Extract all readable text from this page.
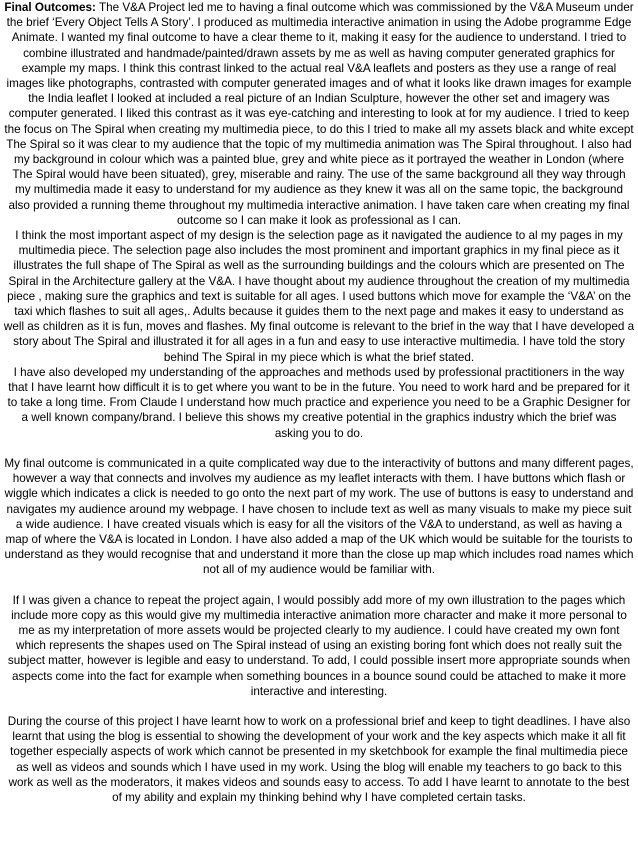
Final Outcomes: The V&A Project led me to having a final outcome which was commissioned by the V&A Museum under the brief ‘Every Object Tells A Story’. I produced as multimedia interactive animation in using the Adobe programme Edge Animate. I wanted my final outcome to have a clear theme to it, making it easy for the audience to understand. I tried to combine illustrated and handmade/painted/drawn assets by me as well as having computer generated graphics for example my maps. I think this contrast linked to the actual real V&A leaflets and posters as they use a range of real images like photographs, contrasted with computer generated images and of what it looks like drawn images for example the India leaflet I looked at included a real picture of an Indian Sculpture, however the other set and imagery was computer generated. I liked this contrast as it was eye-catching and interesting to look at for my audience. I tried to keep the focus on The Spiral when creating my multimedia piece, to do this I tried to make all my assets black and white except The Spiral so it was clear to my audience that the topic of my multimedia animation was The Spiral throughout. I also had my background in colour which was a painted blue, grey and white piece as it portrayed the weather in London (where The Spiral would have been situated), grey, miserable and rainy. The use of the same background all they way through my multimedia made it easy to understand for my audience as they knew it was all on the same topic, the background also provided a running theme throughout my multimedia interactive animation. I have taken care when creating my final outcome so I can make it look as professional as I can.

I think the most important aspect of my design is the selection page as it navigated the audience to al my pages in my multimedia piece. The selection page also includes the most prominent and important graphics in my final piece as it illustrates the full shape of The Spiral as well as the surrounding buildings and the colours which are presented on The Spiral in the Architecture gallery at the V&A. I have thought about my audience throughout the creation of my multimedia piece , making sure the graphics and text is suitable for all ages. I used buttons which move for example the ‘V&A’ on the taxi which flashes to suit all ages,. Adults because it guides them to the next page and makes it easy to understand as well as children as it is fun, moves and flashes. My final outcome is relevant to the brief in the way that I have developed a story about The Spiral and illustrated it for all ages in a fun and easy to use interactive multimedia. I have told the story behind The Spiral in my piece which is what the brief stated.

I have also developed my understanding of the approaches and methods used by professional practitioners in the way that I have learnt how difficult it is to get where you want to be in the future. You need to work hard and be prepared for it to take a long time. From Claude I understand how much practice and experience you need to be a Graphic Designer for a well known company/brand. I believe this shows my creative potential in the graphics industry which the brief was asking you to do.

My final outcome is communicated in a quite complicated way due to the interactivity of buttons and many different pages, however a way that connects and involves my audience as my leaflet interacts with them. I have buttons which flash or wiggle which indicates a click is needed to go onto the next part of my work. The use of buttons is easy to understand and navigates my audience around my webpage. I have chosen to include text as well as many visuals to make my piece suit a wide audience. I have created visuals which is easy for all the visitors of the V&A to understand, as well as having a map of where the V&A is located in London. I have also added a map of the UK which would be suitable for the tourists to understand as they would recognise that and understand it more than the close up map which includes road names which not all of my audience would be familiar with.

If I was given a chance to repeat the project again, I would possibly add more of my own illustration to the pages which include more copy as this would give my multimedia interactive animation more character and make it more personal to me as my interpretation of more assets would be projected clearly to my audience. I could have created my own font which represents the shapes used on The Spiral instead of using an existing boring font which does not really suit the subject matter, however is legible and easy to understand. To add, I could possible insert more appropriate sounds when aspects come into the fact for example when something bounces in a bounce sound could be attached to make it more interactive and interesting.

During the course of this project I have learnt how to work on a professional brief and keep to tight deadlines. I have also learnt that using the blog is essential to showing the development of your work and the key aspects which make it all fit together especially aspects of work which cannot be presented in my sketchbook for example the final multimedia piece as well as videos and sounds which I have used in my work. Using the blog will enable my teachers to go back to this work as well as the moderators, it makes videos and sounds easy to access. To add I have learnt to annotate to the best of my ability and explain my thinking behind why I have completed certain tasks.
